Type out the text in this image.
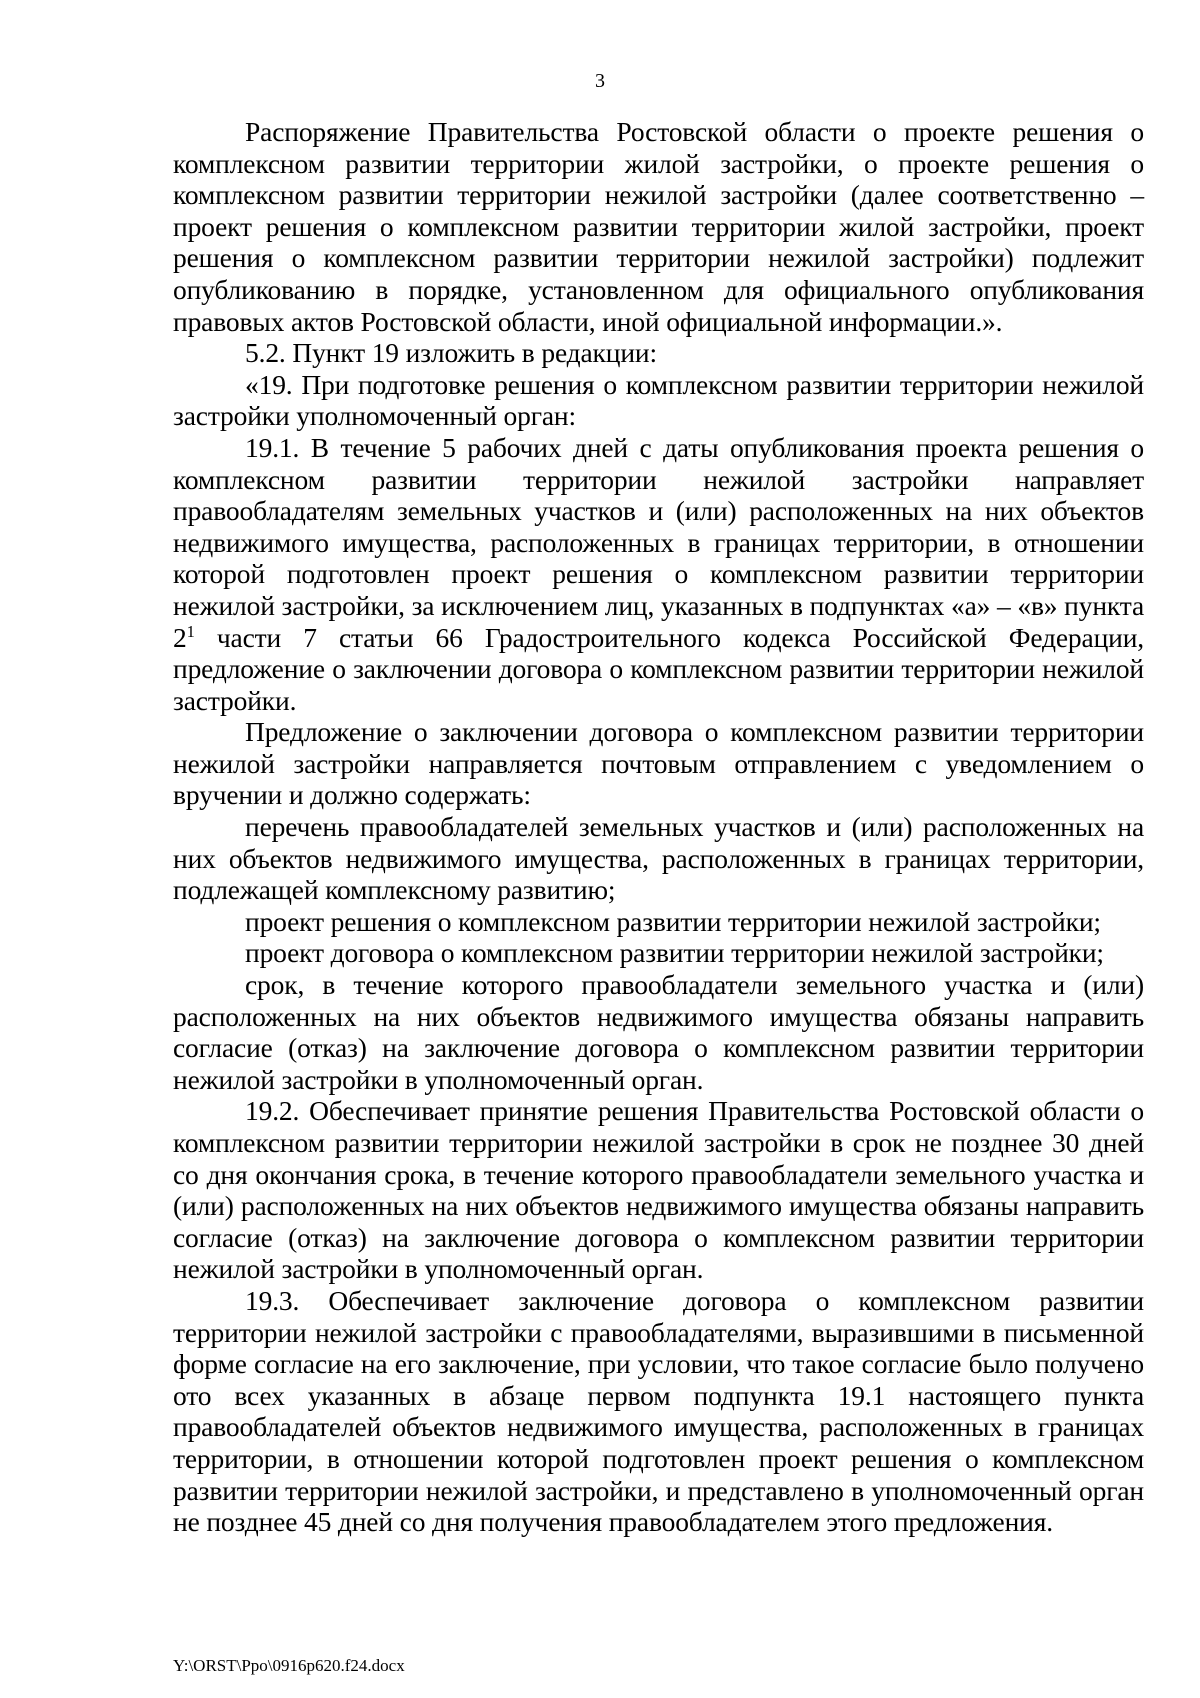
3

Распоряжение Правительства Ростовской области о проекте решения о комплексном развитии территории жилой застройки, о проекте решения о комплексном развитии территории нежилой застройки (далее соответственно – проект решения о комплексном развитии территории жилой застройки, проект решения о комплексном развитии территории нежилой застройки) подлежит опубликованию в порядке, установленном для официального опубликования правовых актов Ростовской области, иной официальной информации.».

5.2. Пункт 19 изложить в редакции:

«19. При подготовке решения о комплексном развитии территории нежилой застройки уполномоченный орган:

19.1. В течение 5 рабочих дней с даты опубликования проекта решения о комплексном развитии территории нежилой застройки направляет правообладателям земельных участков и (или) расположенных на них объектов недвижимого имущества, расположенных в границах территории, в отношении которой подготовлен проект решения о комплексном развитии территории нежилой застройки, за исключением лиц, указанных в подпунктах «а» – «в» пункта $2^1$ части 7 статьи 66 Градостроительного кодекса Российской Федерации, предложение о заключении договора о комплексном развитии территории нежилой застройки.

Предложение о заключении договора о комплексном развитии территории нежилой застройки направляется почтовым отправлением с уведомлением о вручении и должно содержать:

перечень правообладателей земельных участков и (или) расположенных на них объектов недвижимого имущества, расположенных в границах территории, подлежащей комплексному развитию;

проект решения о комплексном развитии территории нежилой застройки;

проект договора о комплексном развитии территории нежилой застройки;

срок, в течение которого правообладатели земельного участка и (или) расположенных на них объектов недвижимого имущества обязаны направить согласие (отказ) на заключение договора о комплексном развитии территории нежилой застройки в уполномоченный орган.

19.2. Обеспечивает принятие решения Правительства Ростовской области о комплексном развитии территории нежилой застройки в срок не позднее 30 дней со дня окончания срока, в течение которого правообладатели земельного участка и (или) расположенных на них объектов недвижимого имущества обязаны направить согласие (отказ) на заключение договора о комплексном развитии территории нежилой застройки в уполномоченный орган.

19.3. Обеспечивает заключение договора о комплексном развитии территории нежилой застройки с правообладателями, выразившими в письменной форме согласие на его заключение, при условии, что такое согласие было получено ото всех указанных в абзаце первом подпункта 19.1 настоящего пункта правообладателей объектов недвижимого имущества, расположенных в границах территории, в отношении которой подготовлен проект решения о комплексном развитии территории нежилой застройки, и представлено в уполномоченный орган не позднее 45 дней со дня получения правообладателем этого предложения.

Y:\ORST\Ppo\0916p620.f24.docx
